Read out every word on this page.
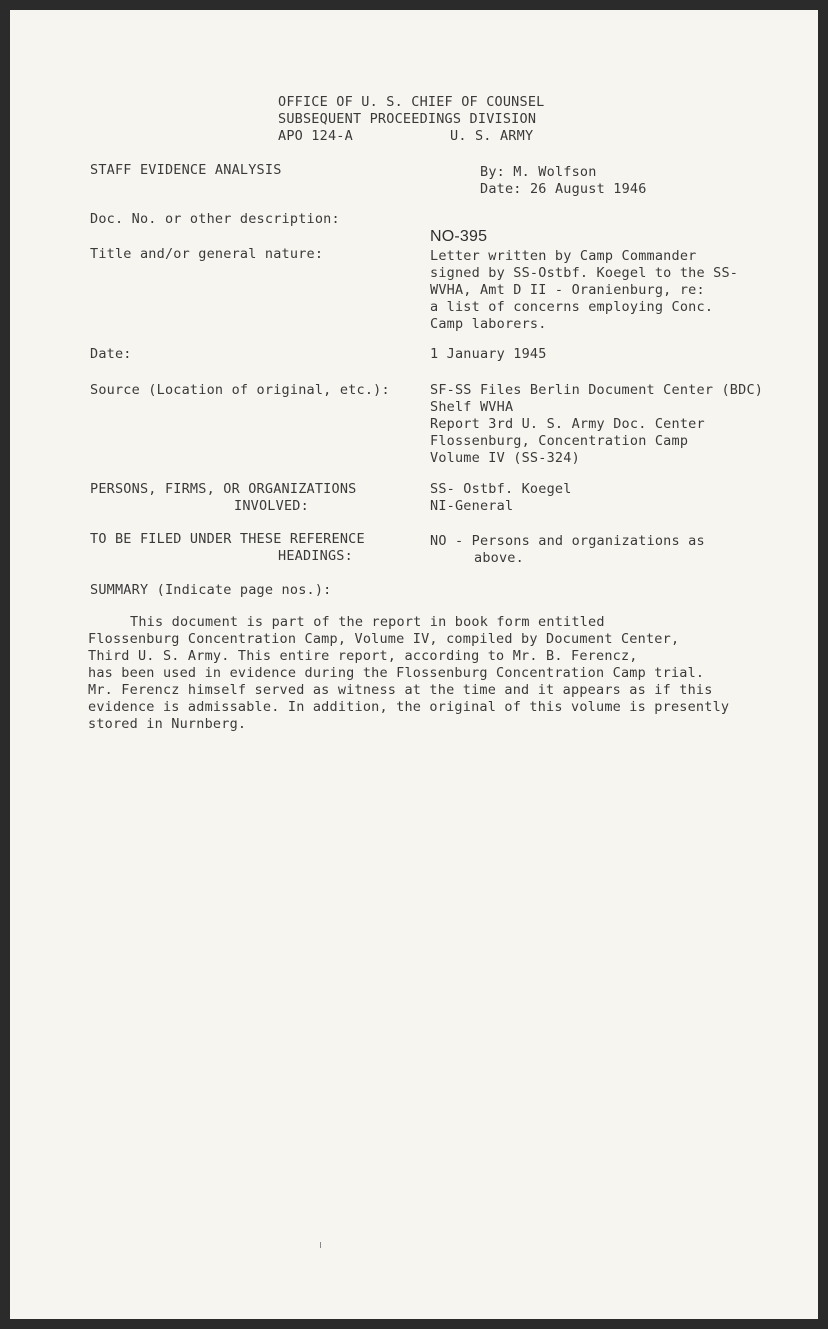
OFFICE OF U. S. CHIEF OF COUNSEL
SUBSEQUENT PROCEEDINGS DIVISION
APO 124-A	U. S. ARMY
STAFF EVIDENCE ANALYSIS	By: M. Wolfson
Date: 26 August 1946
Doc. No. or other description:
NO-395
Title and/or general nature:	Letter written by Camp Commander
signed by SS-Ostbf. Koegel to the SS-
WVHA, Amt D II - Oranienburg, re:
a list of concerns employing Conc.
Camp laborers.
Date:	1 January 1945
Source (Location of original, etc.):	SF-SS Files Berlin Document Center (BDC)
Shelf WVHA
Report 3rd U. S. Army Doc. Center
Flossenburg, Concentration Camp
Volume IV (SS-324)
PERSONS, FIRMS, OR ORGANIZATIONS
INVOLVED:
SS- Ostbf. Koegel
NI-General
TO BE FILED UNDER THESE REFERENCE
HEADINGS:
NO - Persons and organizations as
above.
SUMMARY (Indicate page nos.):
This document is part of the report in book form entitled
Flossenburg Concentration Camp, Volume IV, compiled by Document Center,
Third U. S. Army. This entire report, according to Mr. B. Ferencz,
has been used in evidence during the Flossenburg Concentration Camp trial.
Mr. Ferencz himself served as witness at the time and it appears as if this
evidence is admissable. In addition, the original of this volume is presently
stored in Nurnberg.
